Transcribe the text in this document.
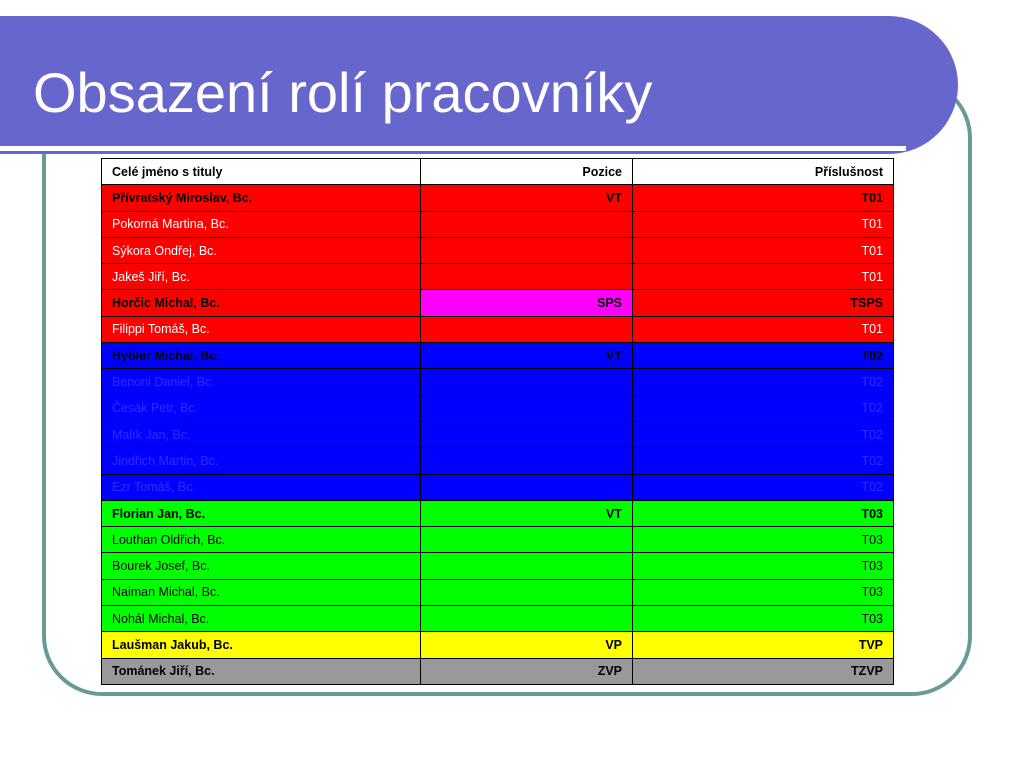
Obsazení rolí pracovníky
Celé jméno s tituly	Pozice	Příslušnost
Přívratský Miroslav, Bc.	VT	T01
Pokorná Martina, Bc.		T01
Sýkora Ondřej, Bc.		T01
Jakeš Jiří, Bc.		T01
Horčic Michal, Bc.	SPS	TSPS
Filippi Tomáš, Bc.		T01
Hybler Michal, Bc.	VT	T02
Benoni Daniel, Bc.		T02
Česák Petr, Bc.		T02
Malík Jan, Bc.		T02
Jindřich Martin, Bc.		T02
Ezr Tomáš, Bc.		T02
Florian Jan, Bc.	VT	T03
Louthan Oldřich, Bc.		T03
Bourek Josef, Bc.		T03
Naiman Michal, Bc.		T03
Nohál Michal, Bc.		T03
Laušman Jakub, Bc.	VP	TVP
Tománek Jiří, Bc.	ZVP	TZVP
